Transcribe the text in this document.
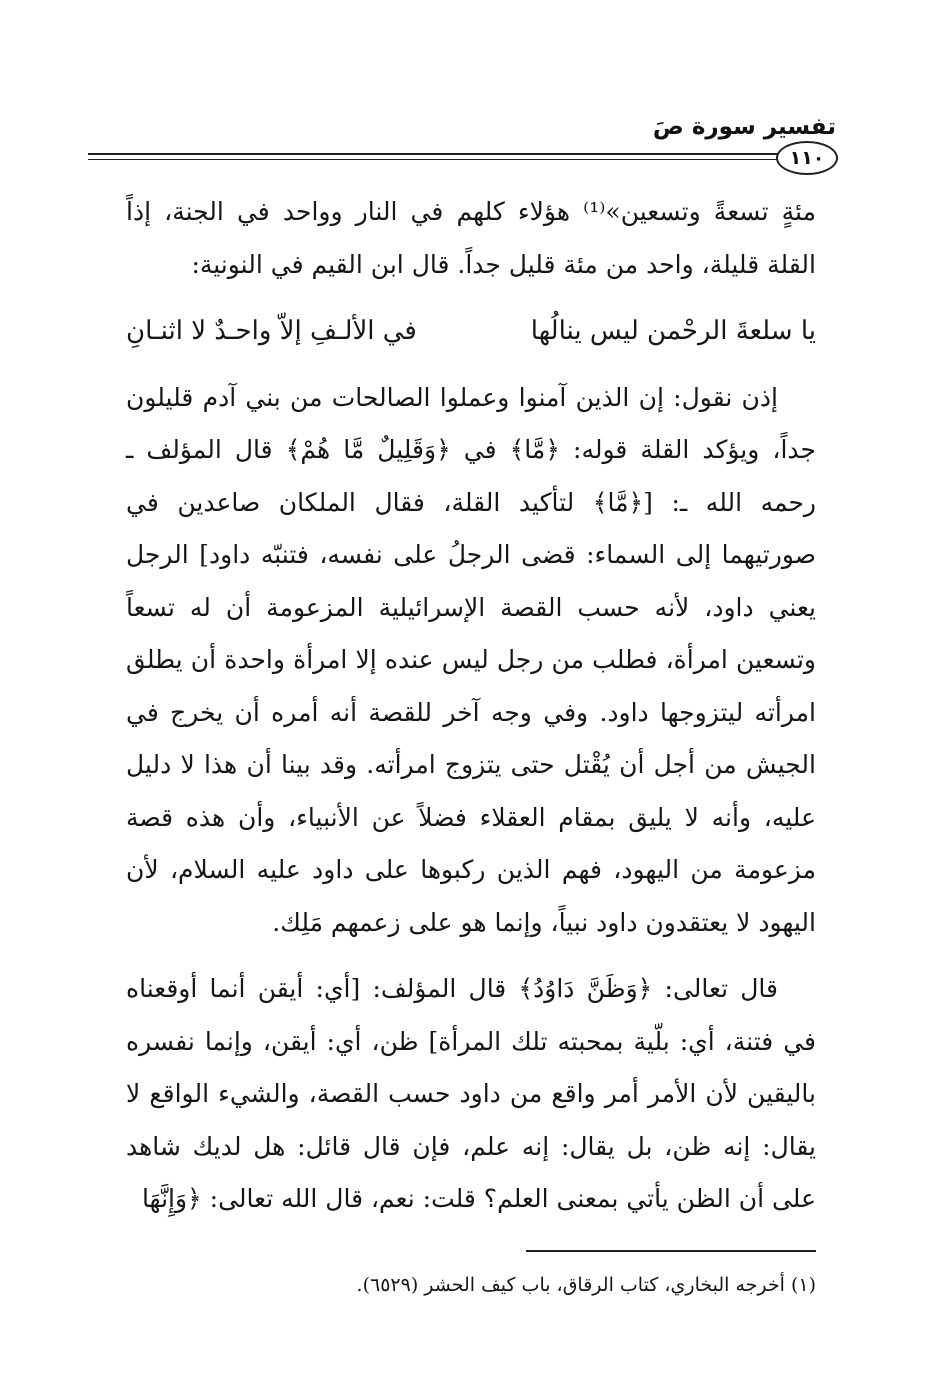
تفسير سورة صَ
١١٠

مئةٍ تسعةً وتسعين»⁽¹⁾ هؤلاء كلهم في النار وواحد في الجنة، إذاً القلة قليلة، واحد من مئة قليل جداً. قال ابن القيم في النونية:

يا سلعةَ الرحْمن ليس ينالُها
في الألـفِ إلاّ واحـدٌ لا اثنـانِ

إذن نقول: إن الذين آمنوا وعملوا الصالحات من بني آدم قليلون جداً، ويؤكد القلة قوله: ﴿مَّا﴾ في ﴿وَقَلِيلٌ مَّا هُمْ﴾ قال المؤلف ـ رحمه الله ـ: [﴿مَّا﴾ لتأكيد القلة، فقال الملكان صاعدين في صورتيهما إلى السماء: قضى الرجلُ على نفسه، فتنبّه داود] الرجل يعني داود، لأنه حسب القصة الإسرائيلية المزعومة أن له تسعاً وتسعين امرأة، فطلب من رجل ليس عنده إلا امرأة واحدة أن يطلق امرأته ليتزوجها داود. وفي وجه آخر للقصة أنه أمره أن يخرج في الجيش من أجل أن يُقْتل حتى يتزوج امرأته. وقد بينا أن هذا لا دليل عليه، وأنه لا يليق بمقام العقلاء فضلاً عن الأنبياء، وأن هذه قصة مزعومة من اليهود، فهم الذين ركبوها على داود عليه السلام، لأن اليهود لا يعتقدون داود نبياً، وإنما هو على زعمهم مَلِك.

قال تعالى: ﴿وَظَنَّ دَاوُدُ﴾ قال المؤلف: [أي: أيقن أنما أوقعناه في فتنة، أي: بلّية بمحبته تلك المرأة] ظن، أي: أيقن، وإنما نفسره باليقين لأن الأمر أمر واقع من داود حسب القصة، والشيء الواقع لا يقال: إنه ظن، بل يقال: إنه علم، فإن قال قائل: هل لديك شاهد على أن الظن يأتي بمعنى العلم؟ قلت: نعم، قال الله تعالى: ﴿وَإِنَّهَا

(١) أخرجه البخاري، كتاب الرقاق، باب كيف الحشر (٦٥٢٩).
